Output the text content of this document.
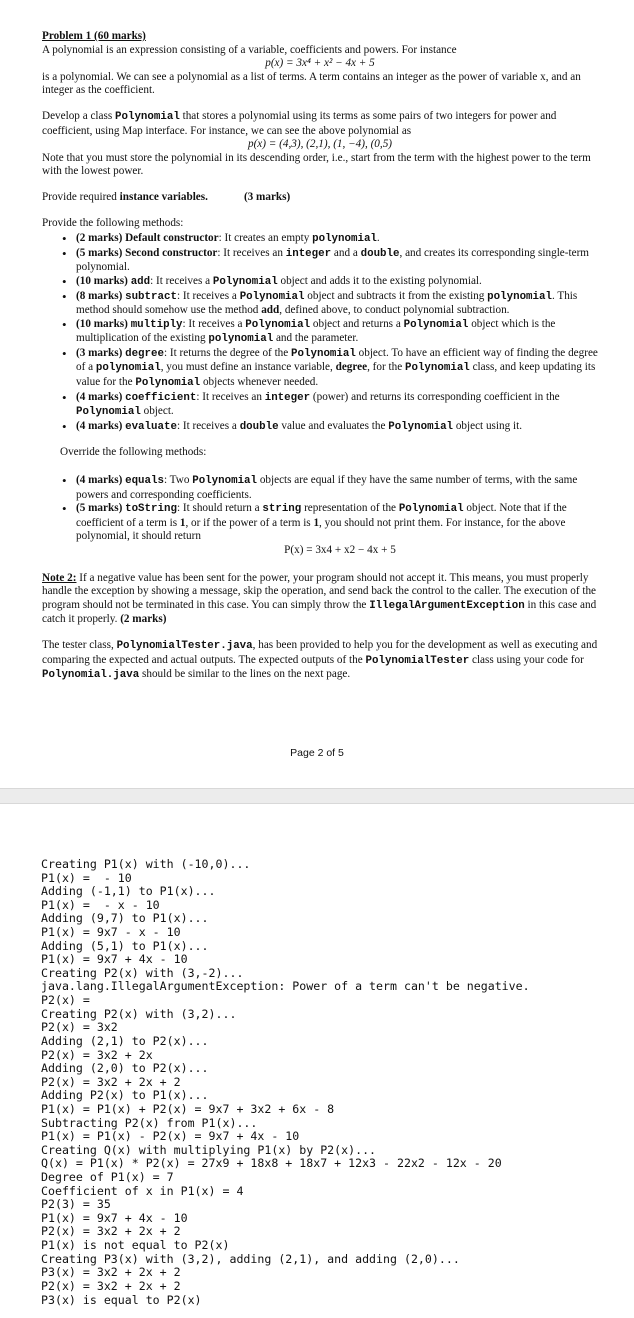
Problem 1 (60 marks)

A polynomial is an expression consisting of a variable, coefficients and powers. For instance

p(x) = 3x⁴ + x² − 4x + 5

is a polynomial. We can see a polynomial as a list of terms. A term contains an integer as the power of variable x, and an integer as the coefficient.

Develop a class Polynomial that stores a polynomial using its terms as some pairs of two integers for power and coefficient, using Map interface. For instance, we can see the above polynomial as

p(x) = (4,3), (2,1), (1, −4), (0,5)

Note that you must store the polynomial in its descending order, i.e., start from the term with the highest power to the term with the lowest power.

Provide required instance variables.	(3 marks)

Provide the following methods:

• (2 marks) Default constructor: It creates an empty polynomial.
• (5 marks) Second constructor: It receives an integer and a double, and creates its corresponding single-term polynomial.
• (10 marks) add: It receives a Polynomial object and adds it to the existing polynomial.
• (8 marks) subtract: It receives a Polynomial object and subtracts it from the existing polynomial. This method should somehow use the method add, defined above, to conduct polynomial subtraction.
• (10 marks) multiply: It receives a Polynomial object and returns a Polynomial object which is the multiplication of the existing polynomial and the parameter.
• (3 marks) degree: It returns the degree of the Polynomial object. To have an efficient way of finding the degree of a polynomial, you must define an instance variable, degree, for the Polynomial class, and keep updating its value for the Polynomial objects whenever needed.
• (4 marks) coefficient: It receives an integer (power) and returns its corresponding coefficient in the Polynomial object.
• (4 marks) evaluate: It receives a double value and evaluates the Polynomial object using it.

Override the following methods:

• (4 marks) equals: Two Polynomial objects are equal if they have the same number of terms, with the same powers and corresponding coefficients.
• (5 marks) toString: It should return a string representation of the Polynomial object. Note that if the coefficient of a term is 1, or if the power of a term is 1, you should not print them. For instance, for the above polynomial, it should return

P(x) = 3x4 + x2 − 4x + 5

Note 2: If a negative value has been sent for the power, your program should not accept it. This means, you must properly handle the exception by showing a message, skip the operation, and send back the control to the caller. The execution of the program should not be terminated in this case. You can simply throw the IllegalArgumentException in this case and catch it properly. (2 marks)

The tester class, PolynomialTester.java, has been provided to help you for the development as well as executing and comparing the expected and actual outputs. The expected outputs of the PolynomialTester class using your code for Polynomial.java should be similar to the lines on the next page.

Page 2 of 5
Creating P1(x) with (-10,0)...
P1(x) =  - 10
Adding (-1,1) to P1(x)...
P1(x) =  - x - 10
Adding (9,7) to P1(x)...
P1(x) = 9x7 - x - 10
Adding (5,1) to P1(x)...
P1(x) = 9x7 + 4x - 10
Creating P2(x) with (3,-2)...
java.lang.IllegalArgumentException: Power of a term can't be negative.
P2(x) =
Creating P2(x) with (3,2)...
P2(x) = 3x2
Adding (2,1) to P2(x)...
P2(x) = 3x2 + 2x
Adding (2,0) to P2(x)...
P2(x) = 3x2 + 2x + 2
Adding P2(x) to P1(x)...
P1(x) = P1(x) + P2(x) = 9x7 + 3x2 + 6x - 8
Subtracting P2(x) from P1(x)...
P1(x) = P1(x) - P2(x) = 9x7 + 4x - 10
Creating Q(x) with multiplying P1(x) by P2(x)...
Q(x) = P1(x) * P2(x) = 27x9 + 18x8 + 18x7 + 12x3 - 22x2 - 12x - 20
Degree of P1(x) = 7
Coefficient of x in P1(x) = 4
P2(3) = 35
P1(x) = 9x7 + 4x - 10
P2(x) = 3x2 + 2x + 2
P1(x) is not equal to P2(x)
Creating P3(x) with (3,2), adding (2,1), and adding (2,0)...
P3(x) = 3x2 + 2x + 2
P2(x) = 3x2 + 2x + 2
P3(x) is equal to P2(x)
